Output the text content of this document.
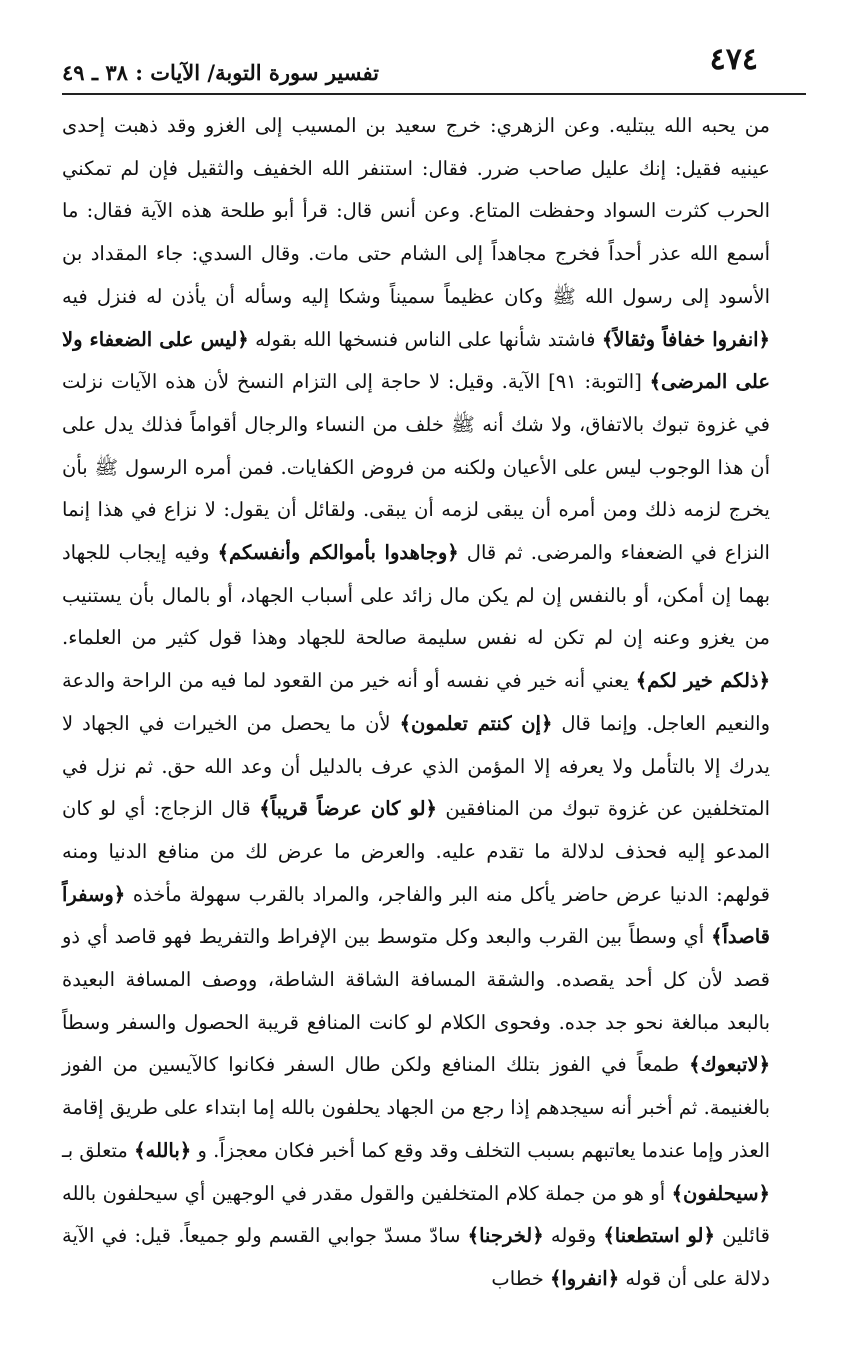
٤٧٤
تفسير سورة التوبة/ الآيات : ٣٨ ـ ٤٩

من يحبه الله يبتليه. وعن الزهري: خرج سعيد بن المسيب إلى الغزو وقد ذهبت إحدى عينيه فقيل: إنك عليل صاحب ضرر. فقال: استنفر الله الخفيف والثقيل فإن لم تمكني الحرب كثرت السواد وحفظت المتاع. وعن أنس قال: قرأ أبو طلحة هذه الآية فقال: ما أسمع الله عذر أحداً فخرج مجاهداً إلى الشام حتى مات. وقال السدي: جاء المقداد بن الأسود إلى رسول الله ﷺ وكان عظيماً سميناً وشكا إليه وسأله أن يأذن له فنزل فيه ﴿انفروا خفافاً وثقالاً﴾ فاشتد شأنها على الناس فنسخها الله بقوله ﴿ليس على الضعفاء ولا على المرضى﴾ [التوبة: ٩١] الآية. وقيل: لا حاجة إلى التزام النسخ لأن هذه الآيات نزلت في غزوة تبوك بالاتفاق، ولا شك أنه ﷺ خلف من النساء والرجال أقواماً فذلك يدل على أن هذا الوجوب ليس على الأعيان ولكنه من فروض الكفايات. فمن أمره الرسول ﷺ بأن يخرج لزمه ذلك ومن أمره أن يبقى لزمه أن يبقى. ولقائل أن يقول: لا نزاع في هذا إنما النزاع في الضعفاء والمرضى. ثم قال ﴿وجاهدوا بأموالكم وأنفسكم﴾ وفيه إيجاب للجهاد بهما إن أمكن، أو بالنفس إن لم يكن مال زائد على أسباب الجهاد، أو بالمال بأن يستنيب من يغزو وعنه إن لم تكن له نفس سليمة صالحة للجهاد وهذا قول كثير من العلماء. ﴿ذلكم خير لكم﴾ يعني أنه خير في نفسه أو أنه خير من القعود لما فيه من الراحة والدعة والنعيم العاجل. وإنما قال ﴿إن كنتم تعلمون﴾ لأن ما يحصل من الخيرات في الجهاد لا يدرك إلا بالتأمل ولا يعرفه إلا المؤمن الذي عرف بالدليل أن وعد الله حق. ثم نزل في المتخلفين عن غزوة تبوك من المنافقين ﴿لو كان عرضاً قريباً﴾ قال الزجاج: أي لو كان المدعو إليه فحذف لدلالة ما تقدم عليه. والعرض ما عرض لك من منافع الدنيا ومنه قولهم: الدنيا عرض حاضر يأكل منه البر والفاجر، والمراد بالقرب سهولة مأخذه ﴿وسفراً قاصداً﴾ أي وسطاً بين القرب والبعد وكل متوسط بين الإفراط والتفريط فهو قاصد أي ذو قصد لأن كل أحد يقصده. والشقة المسافة الشاقة الشاطة، ووصف المسافة البعيدة بالبعد مبالغة نحو جد جده. وفحوى الكلام لو كانت المنافع قريبة الحصول والسفر وسطاً ﴿لاتبعوك﴾ طمعاً في الفوز بتلك المنافع ولكن طال السفر فكانوا كالآيسين من الفوز بالغنيمة. ثم أخبر أنه سيجدهم إذا رجع من الجهاد يحلفون بالله إما ابتداء على طريق إقامة العذر وإما عندما يعاتبهم بسبب التخلف وقد وقع كما أخبر فكان معجزاً. و ﴿بالله﴾ متعلق بـ ﴿سيحلفون﴾ أو هو من جملة كلام المتخلفين والقول مقدر في الوجهين أي سيحلفون بالله قائلين ﴿لو استطعنا﴾ وقوله ﴿لخرجنا﴾ سادّ مسدّ جوابي القسم ولو جميعاً. قيل: في الآية دلالة على أن قوله ﴿انفروا﴾ خطاب
